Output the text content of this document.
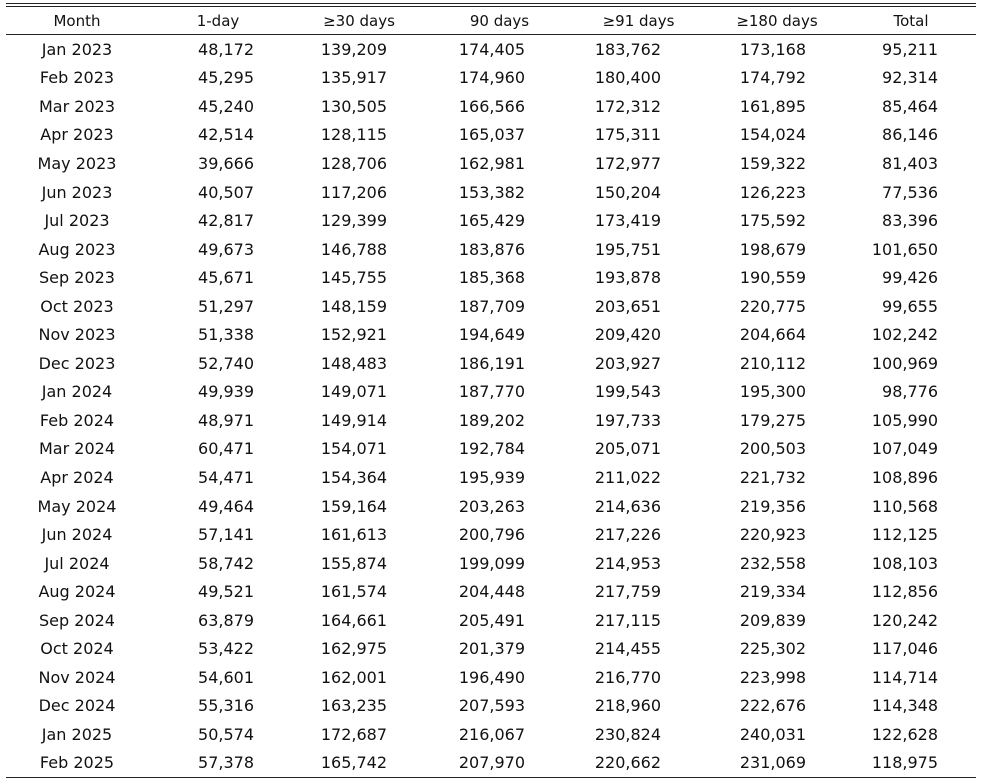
Month	1-day	≥30 days	90 days	≥91 days	≥180 days	Total

Jan 2023	48,172	139,209	174,405	183,762	173,168	95,211
Feb 2023	45,295	135,917	174,960	180,400	174,792	92,314
Mar 2023	45,240	130,505	166,566	172,312	161,895	85,464
Apr 2023	42,514	128,115	165,037	175,311	154,024	86,146
May 2023	39,666	128,706	162,981	172,977	159,322	81,403
Jun 2023	40,507	117,206	153,382	150,204	126,223	77,536
Jul 2023	42,817	129,399	165,429	173,419	175,592	83,396
Aug 2023	49,673	146,788	183,876	195,751	198,679	101,650
Sep 2023	45,671	145,755	185,368	193,878	190,559	99,426
Oct 2023	51,297	148,159	187,709	203,651	220,775	99,655
Nov 2023	51,338	152,921	194,649	209,420	204,664	102,242
Dec 2023	52,740	148,483	186,191	203,927	210,112	100,969
Jan 2024	49,939	149,071	187,770	199,543	195,300	98,776
Feb 2024	48,971	149,914	189,202	197,733	179,275	105,990
Mar 2024	60,471	154,071	192,784	205,071	200,503	107,049
Apr 2024	54,471	154,364	195,939	211,022	221,732	108,896
May 2024	49,464	159,164	203,263	214,636	219,356	110,568
Jun 2024	57,141	161,613	200,796	217,226	220,923	112,125
Jul 2024	58,742	155,874	199,099	214,953	232,558	108,103
Aug 2024	49,521	161,574	204,448	217,759	219,334	112,856
Sep 2024	63,879	164,661	205,491	217,115	209,839	120,242
Oct 2024	53,422	162,975	201,379	214,455	225,302	117,046
Nov 2024	54,601	162,001	196,490	216,770	223,998	114,714
Dec 2024	55,316	163,235	207,593	218,960	222,676	114,348
Jan 2025	50,574	172,687	216,067	230,824	240,031	122,628
Feb 2025	57,378	165,742	207,970	220,662	231,069	118,975
